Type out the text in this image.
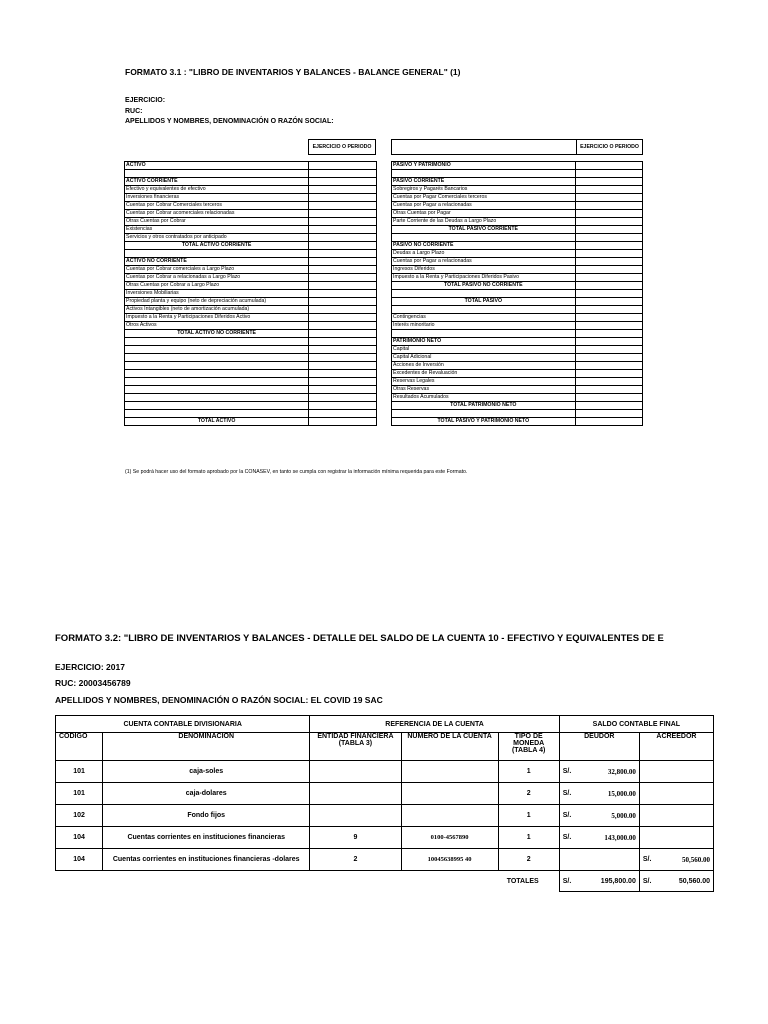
FORMATO 3.1 : "LIBRO DE INVENTARIOS Y BALANCES - BALANCE GENERAL" (1)
EJERCICIO:
RUC:
APELLIDOS Y NOMBRES, DENOMINACIÓN O RAZÓN SOCIAL:
EJERCICIO O PERIODO
		EJERCICIO O PERIODO
ACTIVO	

ACTIVO CORRIENTE	
Efectivo y equivalentes de efectivo	
Inversiones financieras	
Cuentas por Cobrar Comerciales terceros	
Cuentas por Cobrar acomerciales relacionadas	
Otras Cuentas por Cobrar	
Existencias	
Servicios y otros contratados por anticipado	
TOTAL ACTIVO CORRIENTE	

ACTIVO NO CORRIENTE	
Cuentas por Cobrar comerciales a Largo Plazo	
Cuentas por Cobrar a relacionadas a Largo Plazo	
Otras Cuentas por Cobrar a Largo Plazo	
Inversiones Mobiliarias	
Propiedad planta y equipo (neto de depreciación acumulada)	
Activos Intangibles (neto de amortización acumulada)	
Impuesto a la Renta y Participaciones Diferidos Activo	
Otros Activos	
TOTAL ACTIVO NO CORRIENTE	

TOTAL ACTIVO	
PASIVO Y PATRIMONIO	

PASIVO CORRIENTE	
Sobregiros y Pagarés Bancarios	
Cuentas por Pagar Comerciales terceros	
Cuentas por Pagar a relacionadas	
Otras Cuentas por Pagar	
Parte Corriente de las Deudas a Largo Plazo	
TOTAL PASIVO CORRIENTE	

PASIVO NO CORRIENTE	
Deudas a Largo Plazo	
Cuentas por Pagar a relacionadas	
Ingresos Diferidos	
Impuesto a la Renta y Participaciones Diferidos Pasivo	
TOTAL PASIVO NO CORRIENTE	

TOTAL PASIVO	

Contingencias	
Interés minoritario	

PATRIMONIO NETO	
Capital	
Capital Adicional	
Acciones de Inversión	
Excedentes de Revaluación	
Reservas Legales	
Otras Reservas	
Resultados Acumulados	
TOTAL PATRIMONIO NETO	

TOTAL PASIVO Y PATRIMONIO NETO	
(1) Se podrá hacer uso del formato aprobado por la CONASEV, en tanto se cumpla con registrar la información mínima requerida para este Formato.
FORMATO 3.2: "LIBRO DE INVENTARIOS Y BALANCES - DETALLE DEL SALDO DE LA CUENTA 10 - EFECTIVO Y EQUIVALENTES DE E
EJERCICIO: 2017
RUC: 20003456789
APELLIDOS Y NOMBRES, DENOMINACIÓN O RAZÓN SOCIAL: EL COVID 19 SAC
CUENTA CONTABLE DIVISIONARIA		REFERENCIA DE LA CUENTA			SALDO CONTABLE FINAL	
CODIGO	DENOMINACION	ENTIDAD FINANCIERA (TABLA 3)	NUMERO DE LA CUENTA	TIPO DE MONEDA (TABLA 4)	DEUDOR	ACREEDOR
101	caja-soles			1	S/. 32,800.00	

101	caja-dolares			2	S/. 15,000.00	

102	Fondo fijos			1	S/. 5,000.00	

104	Cuentas corrientes en instituciones financieras	9	0100-4567890	1	S/. 143,000.00	

104	Cuentas corrientes en instituciones financieras -dolares	2	10045638995 40	2		S/. 50,560.00

			TOTALES		S/. 195,800.00	S/. 50,560.00
